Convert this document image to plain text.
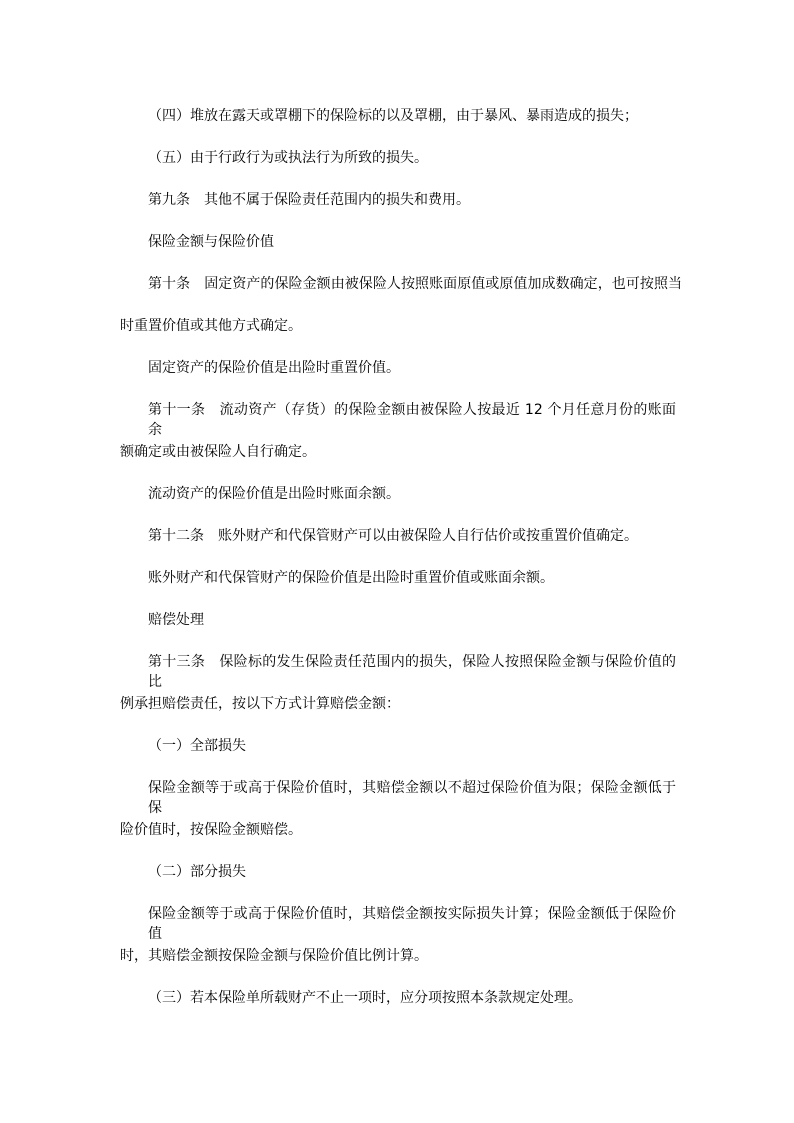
（四）堆放在露天或罩棚下的保险标的以及罩棚，由于暴风、暴雨造成的损失；
（五）由于行政行为或执法行为所致的损失。
第九条　其他不属于保险责任范围内的损失和费用。
保险金额与保险价值
第十条　固定资产的保险金额由被保险人按照账面原值或原值加成数确定，也可按照当
时重置价值或其他方式确定。
固定资产的保险价值是出险时重置价值。
第十一条　流动资产（存货）的保险金额由被保险人按最近 12 个月任意月份的账面余
额确定或由被保险人自行确定。
流动资产的保险价值是出险时账面余额。
第十二条　账外财产和代保管财产可以由被保险人自行估价或按重置价值确定。
账外财产和代保管财产的保险价值是出险时重置价值或账面余额。
赔偿处理
第十三条　保险标的发生保险责任范围内的损失，保险人按照保险金额与保险价值的比
例承担赔偿责任，按以下方式计算赔偿金额：
（一）全部损失
保险金额等于或高于保险价值时，其赔偿金额以不超过保险价值为限；保险金额低于保
险价值时，按保险金额赔偿。
（二）部分损失
保险金额等于或高于保险价值时，其赔偿金额按实际损失计算；保险金额低于保险价值
时，其赔偿金额按保险金额与保险价值比例计算。
（三）若本保险单所载财产不止一项时，应分项按照本条款规定处理。
